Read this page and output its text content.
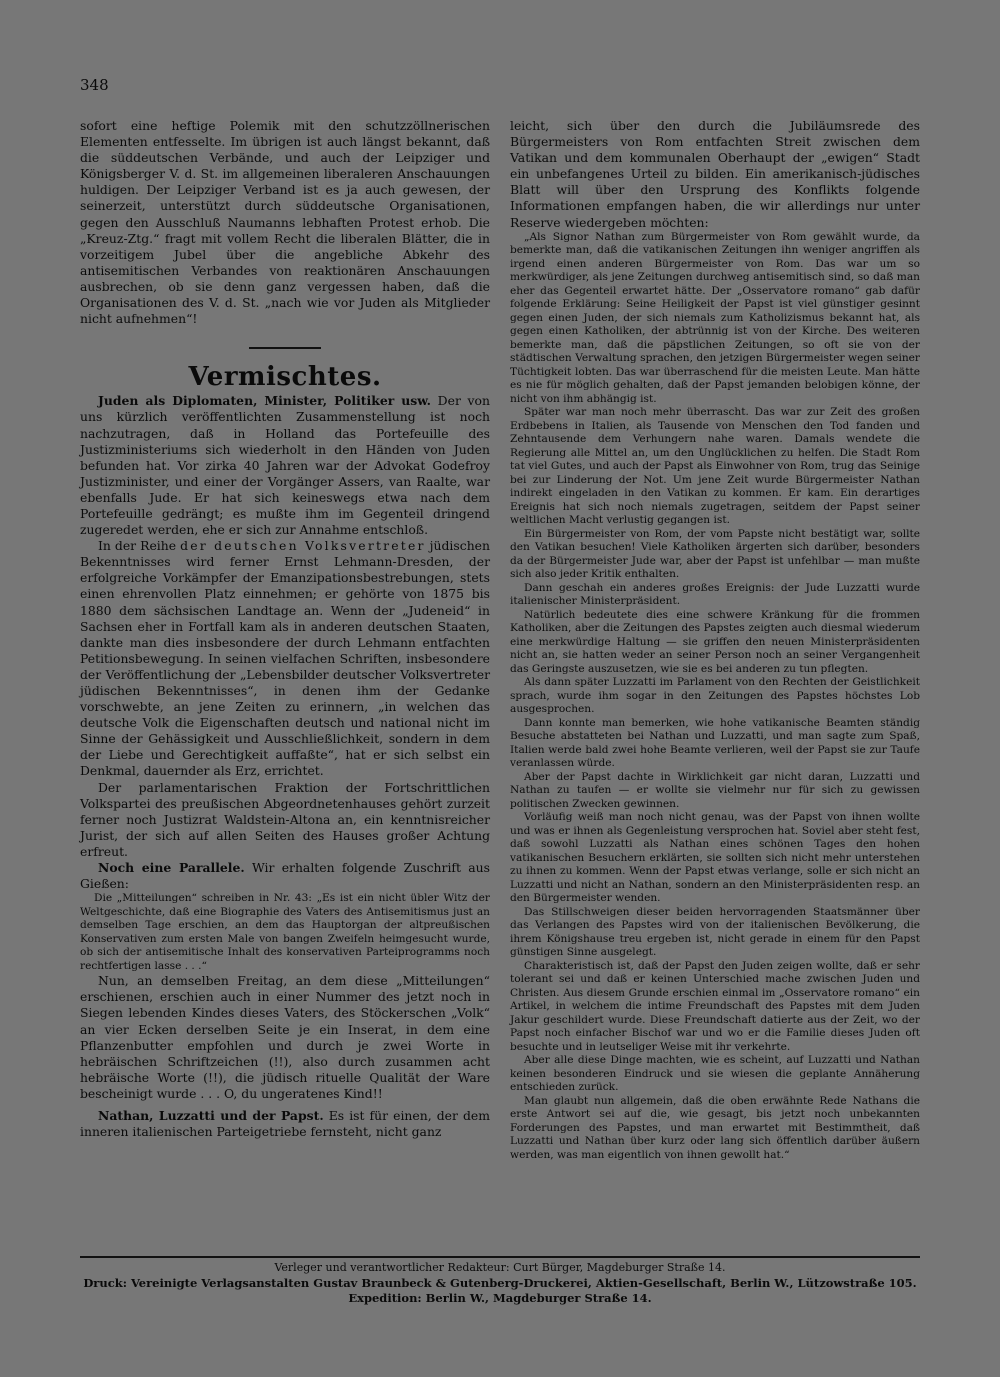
348

sofort eine heftige Polemik mit den schutzzöllnerischen Elementen entfesselte. Im übrigen ist auch längst bekannt, daß die süddeutschen Verbände, und auch der Leipziger und Königsberger V. d. St. im allgemeinen liberaleren Anschauungen huldigen. Der Leipziger Verband ist es ja auch gewesen, der seinerzeit, unterstützt durch süddeutsche Organisationen, gegen den Ausschluß Naumanns lebhaften Protest erhob. Die „Kreuz-Ztg.“ fragt mit vollem Recht die liberalen Blätter, die in vorzeitigem Jubel über die angebliche Abkehr des antisemitischen Verbandes von reaktionären Anschauungen ausbrechen, ob sie denn ganz vergessen haben, daß die Organisationen des V. d. St. „nach wie vor Juden als Mitglieder nicht aufnehmen“!

Vermischtes.

Juden als Diplomaten, Minister, Politiker usw. Der von uns kürzlich veröffentlichten Zusammenstellung ist noch nachzutragen, daß in Holland das Portefeuille des Justizministeriums sich wiederholt in den Händen von Juden befunden hat. Vor zirka 40 Jahren war der Advokat Godefroy Justizminister, und einer der Vorgänger Assers, van Raalte, war ebenfalls Jude. Er hat sich keineswegs etwa nach dem Portefeuille gedrängt; es mußte ihm im Gegenteil dringend zugeredet werden, ehe er sich zur Annahme entschloß.

In der Reihe der deutschen Volksvertreter jüdischen Bekenntnisses wird ferner Ernst Lehmann-Dresden, der erfolgreiche Vorkämpfer der Emanzipationsbestrebungen, stets einen ehrenvollen Platz einnehmen; er gehörte von 1875 bis 1880 dem sächsischen Landtage an. Wenn der „Judeneid“ in Sachsen eher in Fortfall kam als in anderen deutschen Staaten, dankte man dies insbesondere der durch Lehmann entfachten Petitionsbewegung. In seinen vielfachen Schriften, insbesondere der Veröffentlichung der „Lebensbilder deutscher Volksvertreter jüdischen Bekenntnisses“, in denen ihm der Gedanke vorschwebte, an jene Zeiten zu erinnern, „in welchen das deutsche Volk die Eigenschaften deutsch und national nicht im Sinne der Gehässigkeit und Ausschließlichkeit, sondern in dem der Liebe und Gerechtigkeit auffaßte“, hat er sich selbst ein Denkmal, dauernder als Erz, errichtet.

Der parlamentarischen Fraktion der Fortschrittlichen Volkspartei des preußischen Abgeordnetenhauses gehört zurzeit ferner noch Justizrat Waldstein-Altona an, ein kenntnisreicher Jurist, der sich auf allen Seiten des Hauses großer Achtung erfreut.

Noch eine Parallele. Wir erhalten folgende Zuschrift aus Gießen:

Die „Mitteilungen“ schreiben in Nr. 43: „Es ist ein nicht übler Witz der Weltgeschichte, daß eine Biographie des Vaters des Antisemitismus just an demselben Tage erschien, an dem das Hauptorgan der altpreußischen Konservativen zum ersten Male von bangen Zweifeln heimgesucht wurde, ob sich der antisemitische Inhalt des konservativen Parteiprogramms noch rechtfertigen lasse . . .“

Nun, an demselben Freitag, an dem diese „Mitteilungen“ erschienen, erschien auch in einer Nummer des jetzt noch in Siegen lebenden Kindes dieses Vaters, des Stöckerschen „Volk“ an vier Ecken derselben Seite je ein Inserat, in dem eine Pflanzenbutter empfohlen und durch je zwei Worte in hebräischen Schriftzeichen (!!), also durch zusammen acht hebräische Worte (!!), die jüdisch rituelle Qualität der Ware bescheinigt wurde . . . O, du ungeratenes Kind!!

Nathan, Luzzatti und der Papst. Es ist für einen, der dem inneren italienischen Parteigetriebe fernsteht, nicht ganz

leicht, sich über den durch die Jubiläumsrede des Bürgermeisters von Rom entfachten Streit zwischen dem Vatikan und dem kommunalen Oberhaupt der „ewigen“ Stadt ein unbefangenes Urteil zu bilden. Ein amerikanisch-jüdisches Blatt will über den Ursprung des Konflikts folgende Informationen empfangen haben, die wir allerdings nur unter Reserve wiedergeben möchten:

„Als Signor Nathan zum Bürgermeister von Rom gewählt wurde, da bemerkte man, daß die vatikanischen Zeitungen ihn weniger angriffen als irgend einen anderen Bürgermeister von Rom. Das war um so merkwürdiger, als jene Zeitungen durchweg antisemitisch sind, so daß man eher das Gegenteil erwartet hätte. Der „Osservatore romano“ gab dafür folgende Erklärung: Seine Heiligkeit der Papst ist viel günstiger gesinnt gegen einen Juden, der sich niemals zum Katholizismus bekannt hat, als gegen einen Katholiken, der abtrünnig ist von der Kirche. Des weiteren bemerkte man, daß die päpstlichen Zeitungen, so oft sie von der städtischen Verwaltung sprachen, den jetzigen Bürgermeister wegen seiner Tüchtigkeit lobten. Das war überraschend für die meisten Leute. Man hätte es nie für möglich gehalten, daß der Papst jemanden belobigen könne, der nicht von ihm abhängig ist.

Später war man noch mehr überrascht. Das war zur Zeit des großen Erdbebens in Italien, als Tausende von Menschen den Tod fanden und Zehntausende dem Verhungern nahe waren. Damals wendete die Regierung alle Mittel an, um den Unglücklichen zu helfen. Die Stadt Rom tat viel Gutes, und auch der Papst als Einwohner von Rom, trug das Seinige bei zur Linderung der Not. Um jene Zeit wurde Bürgermeister Nathan indirekt eingeladen in den Vatikan zu kommen. Er kam. Ein derartiges Ereignis hat sich noch niemals zugetragen, seitdem der Papst seiner weltlichen Macht verlustig gegangen ist.

Ein Bürgermeister von Rom, der vom Papste nicht bestätigt war, sollte den Vatikan besuchen! Viele Katholiken ärgerten sich darüber, besonders da der Bürgermeister Jude war, aber der Papst ist unfehlbar — man mußte sich also jeder Kritik enthalten.

Dann geschah ein anderes großes Ereignis: der Jude Luzzatti wurde italienischer Ministerpräsident.

Natürlich bedeutete dies eine schwere Kränkung für die frommen Katholiken, aber die Zeitungen des Papstes zeigten auch diesmal wiederum eine merkwürdige Haltung — sie griffen den neuen Ministerpräsidenten nicht an, sie hatten weder an seiner Person noch an seiner Vergangenheit das Geringste auszusetzen, wie sie es bei anderen zu tun pflegten.

Als dann später Luzzatti im Parlament von den Rechten der Geistlichkeit sprach, wurde ihm sogar in den Zeitungen des Papstes höchstes Lob ausgesprochen.

Dann konnte man bemerken, wie hohe vatikanische Beamten ständig Besuche abstatteten bei Nathan und Luzzatti, und man sagte zum Spaß, Italien werde bald zwei hohe Beamte verlieren, weil der Papst sie zur Taufe veranlassen würde.

Aber der Papst dachte in Wirklichkeit gar nicht daran, Luzzatti und Nathan zu taufen — er wollte sie vielmehr nur für sich zu gewissen politischen Zwecken gewinnen.

Vorläufig weiß man noch nicht genau, was der Papst von ihnen wollte und was er ihnen als Gegenleistung versprochen hat. Soviel aber steht fest, daß sowohl Luzzatti als Nathan eines schönen Tages den hohen vatikanischen Besuchern erklärten, sie sollten sich nicht mehr unterstehen zu ihnen zu kommen. Wenn der Papst etwas verlange, solle er sich nicht an Luzzatti und nicht an Nathan, sondern an den Ministerpräsidenten resp. an den Bürgermeister wenden.

Das Stillschweigen dieser beiden hervorragenden Staatsmänner über das Verlangen des Papstes wird von der italienischen Bevölkerung, die ihrem Königshause treu ergeben ist, nicht gerade in einem für den Papst günstigen Sinne ausgelegt.

Charakteristisch ist, daß der Papst den Juden zeigen wollte, daß er sehr tolerant sei und daß er keinen Unterschied mache zwischen Juden und Christen. Aus diesem Grunde erschien einmal im „Osservatore romano“ ein Artikel, in welchem die intime Freundschaft des Papstes mit dem Juden Jakur geschildert wurde. Diese Freundschaft datierte aus der Zeit, wo der Papst noch einfacher Bischof war und wo er die Familie dieses Juden oft besuchte und in leutseliger Weise mit ihr verkehrte.

Aber alle diese Dinge machten, wie es scheint, auf Luzzatti und Nathan keinen besonderen Eindruck und sie wiesen die geplante Annäherung entschieden zurück.

Man glaubt nun allgemein, daß die oben erwähnte Rede Nathans die erste Antwort sei auf die, wie gesagt, bis jetzt noch unbekannten Forderungen des Papstes, und man erwartet mit Bestimmtheit, daß Luzzatti und Nathan über kurz oder lang sich öffentlich darüber äußern werden, was man eigentlich von ihnen gewollt hat.“

Verleger und verantwortlicher Redakteur: Curt Bürger, Magdeburger Straße 14.
Druck: Vereinigte Verlagsanstalten Gustav Braunbeck & Gutenberg-Druckerei, Aktien-Gesellschaft, Berlin W., Lützowstraße 105.
Expedition: Berlin W., Magdeburger Straße 14.
